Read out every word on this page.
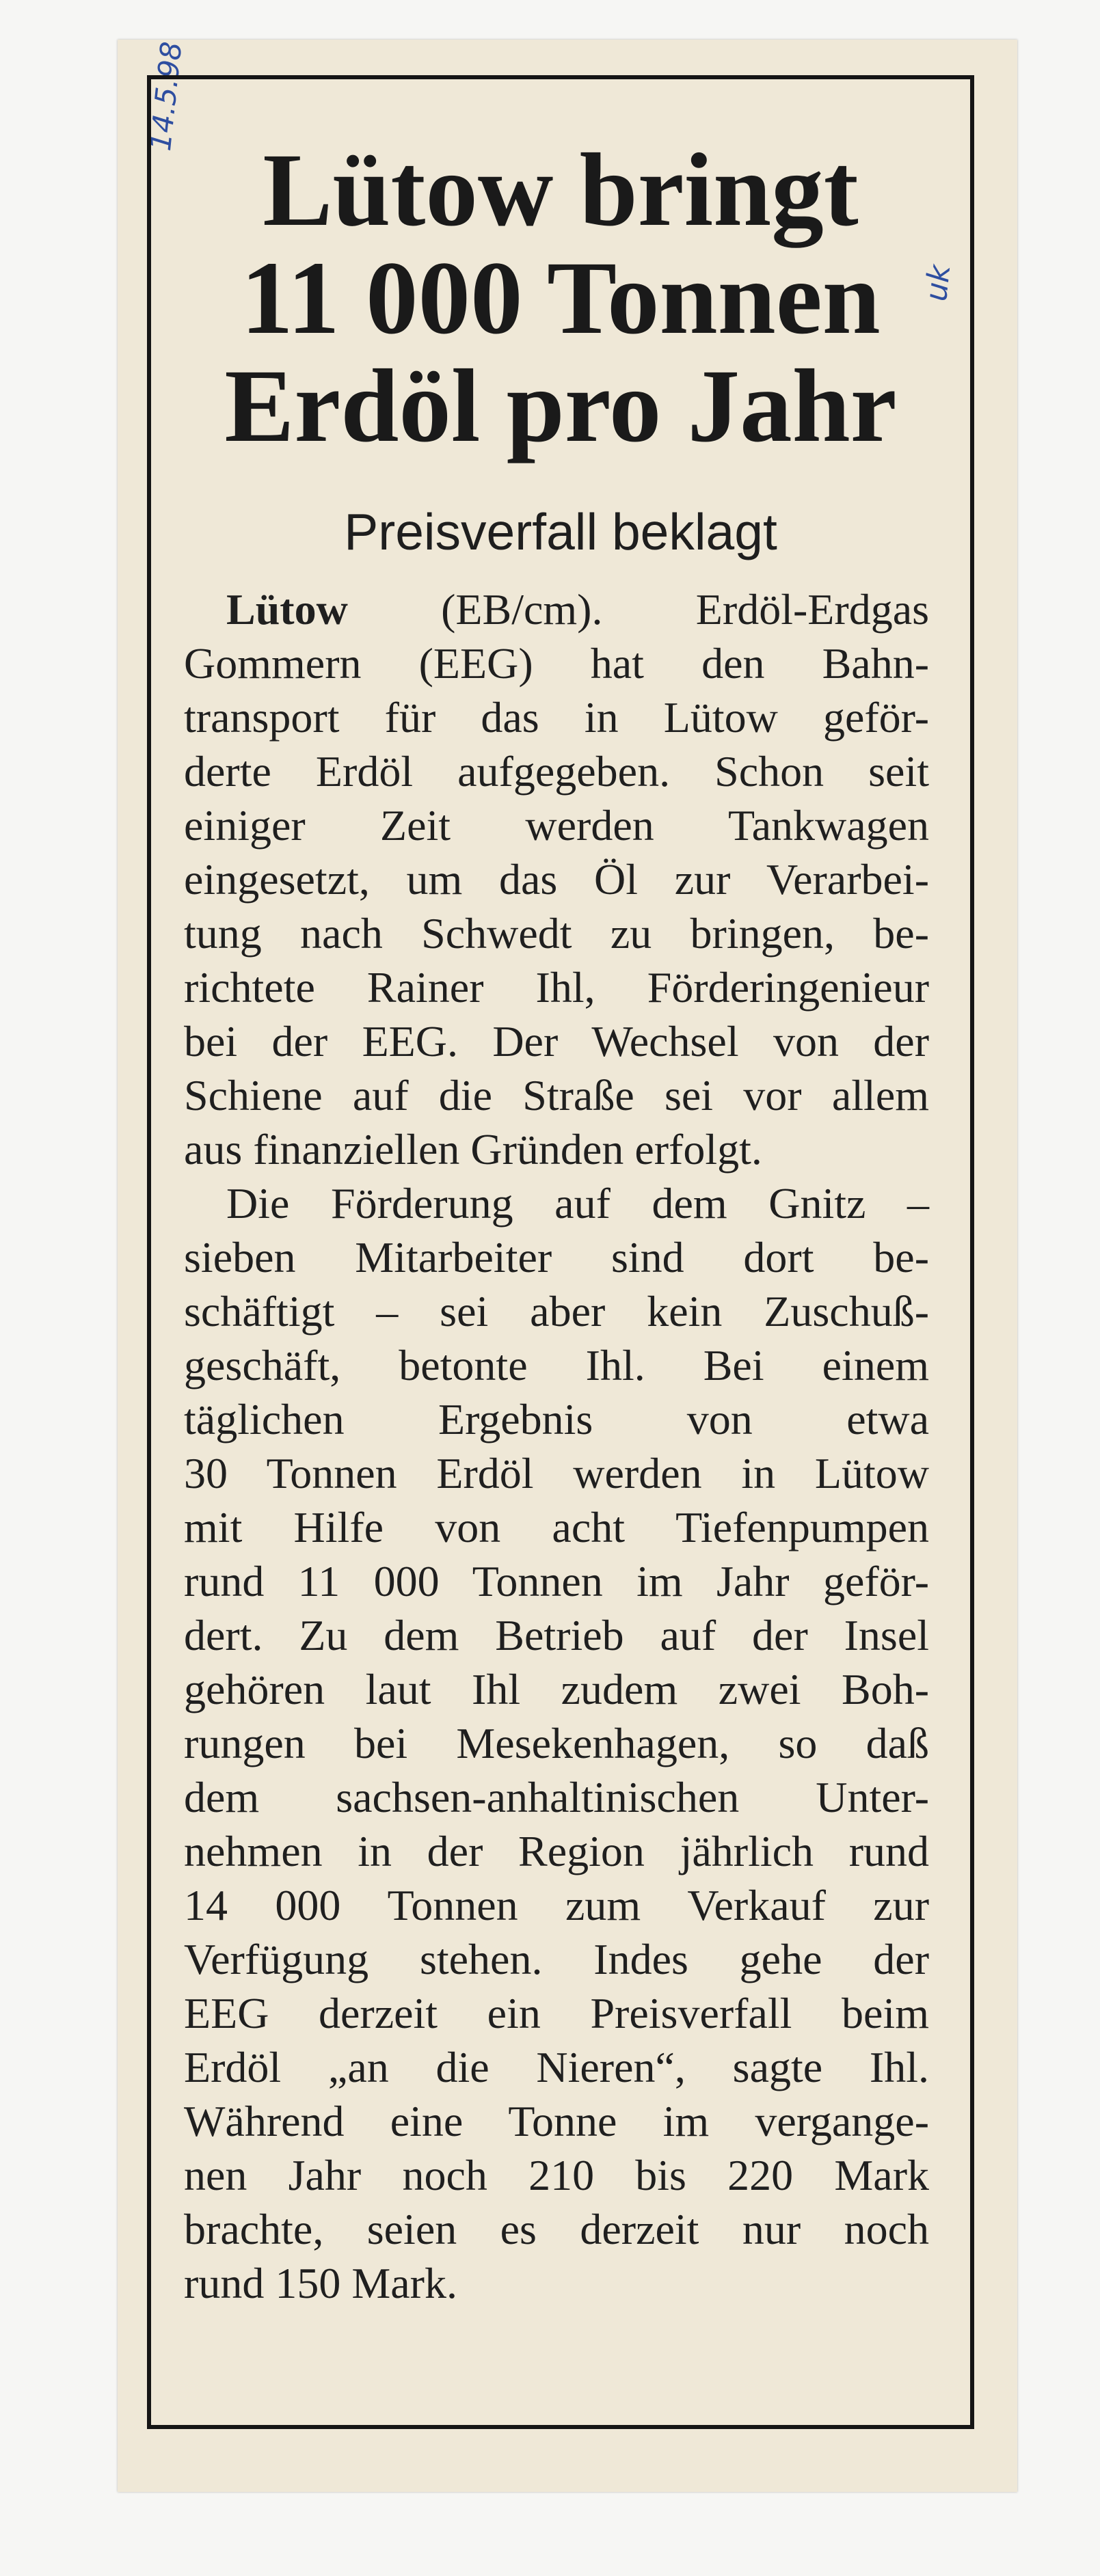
14.5.98
uk
Lütow bringt
11 000 Tonnen
Erdöl pro Jahr
Preisverfall beklagt
Lütow (EB/cm). Erdöl-Erdgas
Gommern (EEG) hat den Bahn-
transport für das in Lütow geför-
derte Erdöl aufgegeben. Schon seit
einiger Zeit werden Tankwagen
eingesetzt, um das Öl zur Verarbei-
tung nach Schwedt zu bringen, be-
richtete Rainer Ihl, Förderingenieur
bei der EEG. Der Wechsel von der
Schiene auf die Straße sei vor allem
aus finanziellen Gründen erfolgt.
Die Förderung auf dem Gnitz –
sieben Mitarbeiter sind dort be-
schäftigt – sei aber kein Zuschuß-
geschäft, betonte Ihl. Bei einem
täglichen Ergebnis von etwa
30 Tonnen Erdöl werden in Lütow
mit Hilfe von acht Tiefenpumpen
rund 11 000 Tonnen im Jahr geför-
dert. Zu dem Betrieb auf der Insel
gehören laut Ihl zudem zwei Boh-
rungen bei Mesekenhagen, so daß
dem sachsen-anhaltinischen Unter-
nehmen in der Region jährlich rund
14 000 Tonnen zum Verkauf zur
Verfügung stehen. Indes gehe der
EEG derzeit ein Preisverfall beim
Erdöl „an die Nieren“, sagte Ihl.
Während eine Tonne im vergange-
nen Jahr noch 210 bis 220 Mark
brachte, seien es derzeit nur noch
rund 150 Mark.
